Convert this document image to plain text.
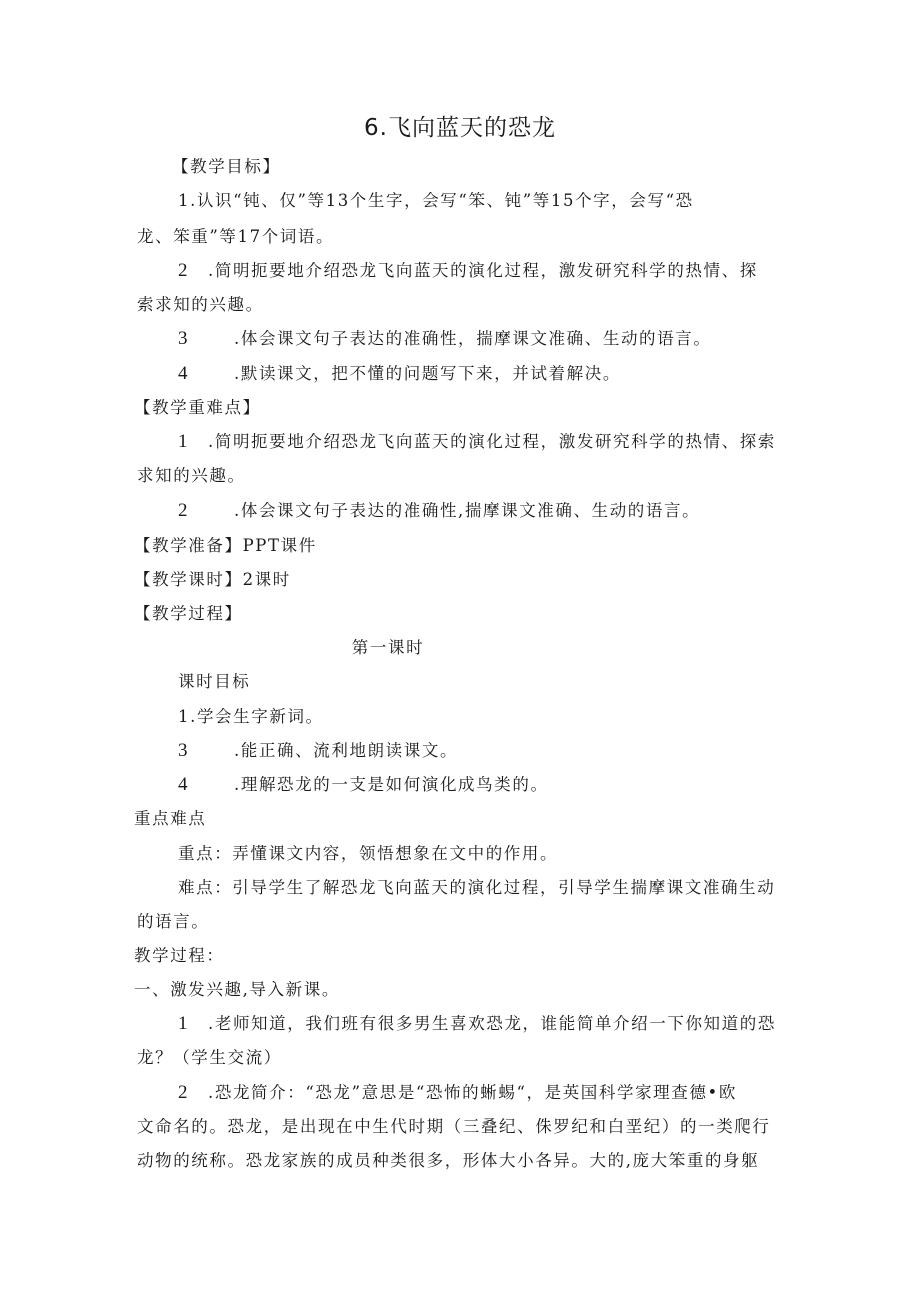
6.飞向蓝天的恐龙
【教学目标】
1.认识“钝、仅”等13个生字，会写“笨、钝”等15个字，会写“恐
龙、笨重”等17个词语。
2 .简明扼要地介绍恐龙飞向蓝天的演化过程，激发研究科学的热情、探
索求知的兴趣。
3	.体会课文句子表达的准确性，揣摩课文准确、生动的语言。
4	.默读课文，把不懂的问题写下来，并试着解决。
【教学重难点】
1 .简明扼要地介绍恐龙飞向蓝天的演化过程，激发研究科学的热情、探索
求知的兴趣。
2	.体会课文句子表达的准确性,揣摩课文准确、生动的语言。
【教学准备】PPT课件
【教学课时】2课时
【教学过程】
第一课时
课时目标
1.学会生字新词。
3	.能正确、流利地朗读课文。
4	.理解恐龙的一支是如何演化成鸟类的。
重点难点
重点：弄懂课文内容，领悟想象在文中的作用。
难点：引导学生了解恐龙飞向蓝天的演化过程，引导学生揣摩课文准确生动
的语言。
教学过程：
一、激发兴趣,导入新课。
1 .老师知道，我们班有很多男生喜欢恐龙，谁能简单介绍一下你知道的恐
龙？（学生交流）
2 .恐龙简介：“恐龙”意思是“恐怖的蜥蜴“，是英国科学家理查德•欧
文命名的。恐龙，是出现在中生代时期（三叠纪、侏罗纪和白垩纪）的一类爬行
动物的统称。恐龙家族的成员种类很多，形体大小各异。大的,庞大笨重的身躯
